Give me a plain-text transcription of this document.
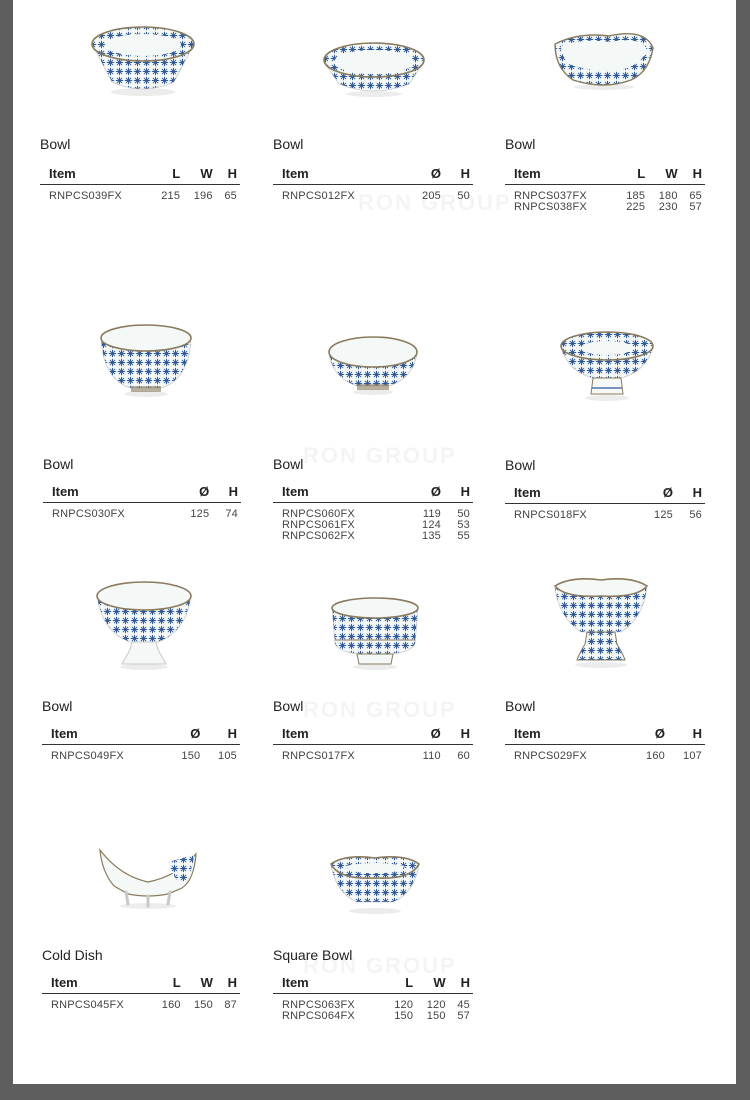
Bowl
Item	L	W	H
RNPCS039FX	215	196	65
Bowl
Item	Ø	H
RNPCS012FX	205	50
Bowl
Item	L	W	H
RNPCS037FX	185	180	65
RNPCS038FX	225	230	57
Bowl
Item	Ø	H
RNPCS030FX	125	74
Bowl
Item	Ø	H
RNPCS060FX	119	50
RNPCS061FX	124	53
RNPCS062FX	135	55
Bowl
Item	Ø	H
RNPCS018FX	125	56
Bowl
Item	Ø	H
RNPCS049FX	150	105
Bowl
Item	Ø	H
RNPCS017FX	110	60
Bowl
Item	Ø	H
RNPCS029FX	160	107
Cold Dish
Item	L	W	H
RNPCS045FX	160	150	87
Square Bowl
Item	L	W	H
RNPCS063FX	120	120	45
RNPCS064FX	150	150	57
